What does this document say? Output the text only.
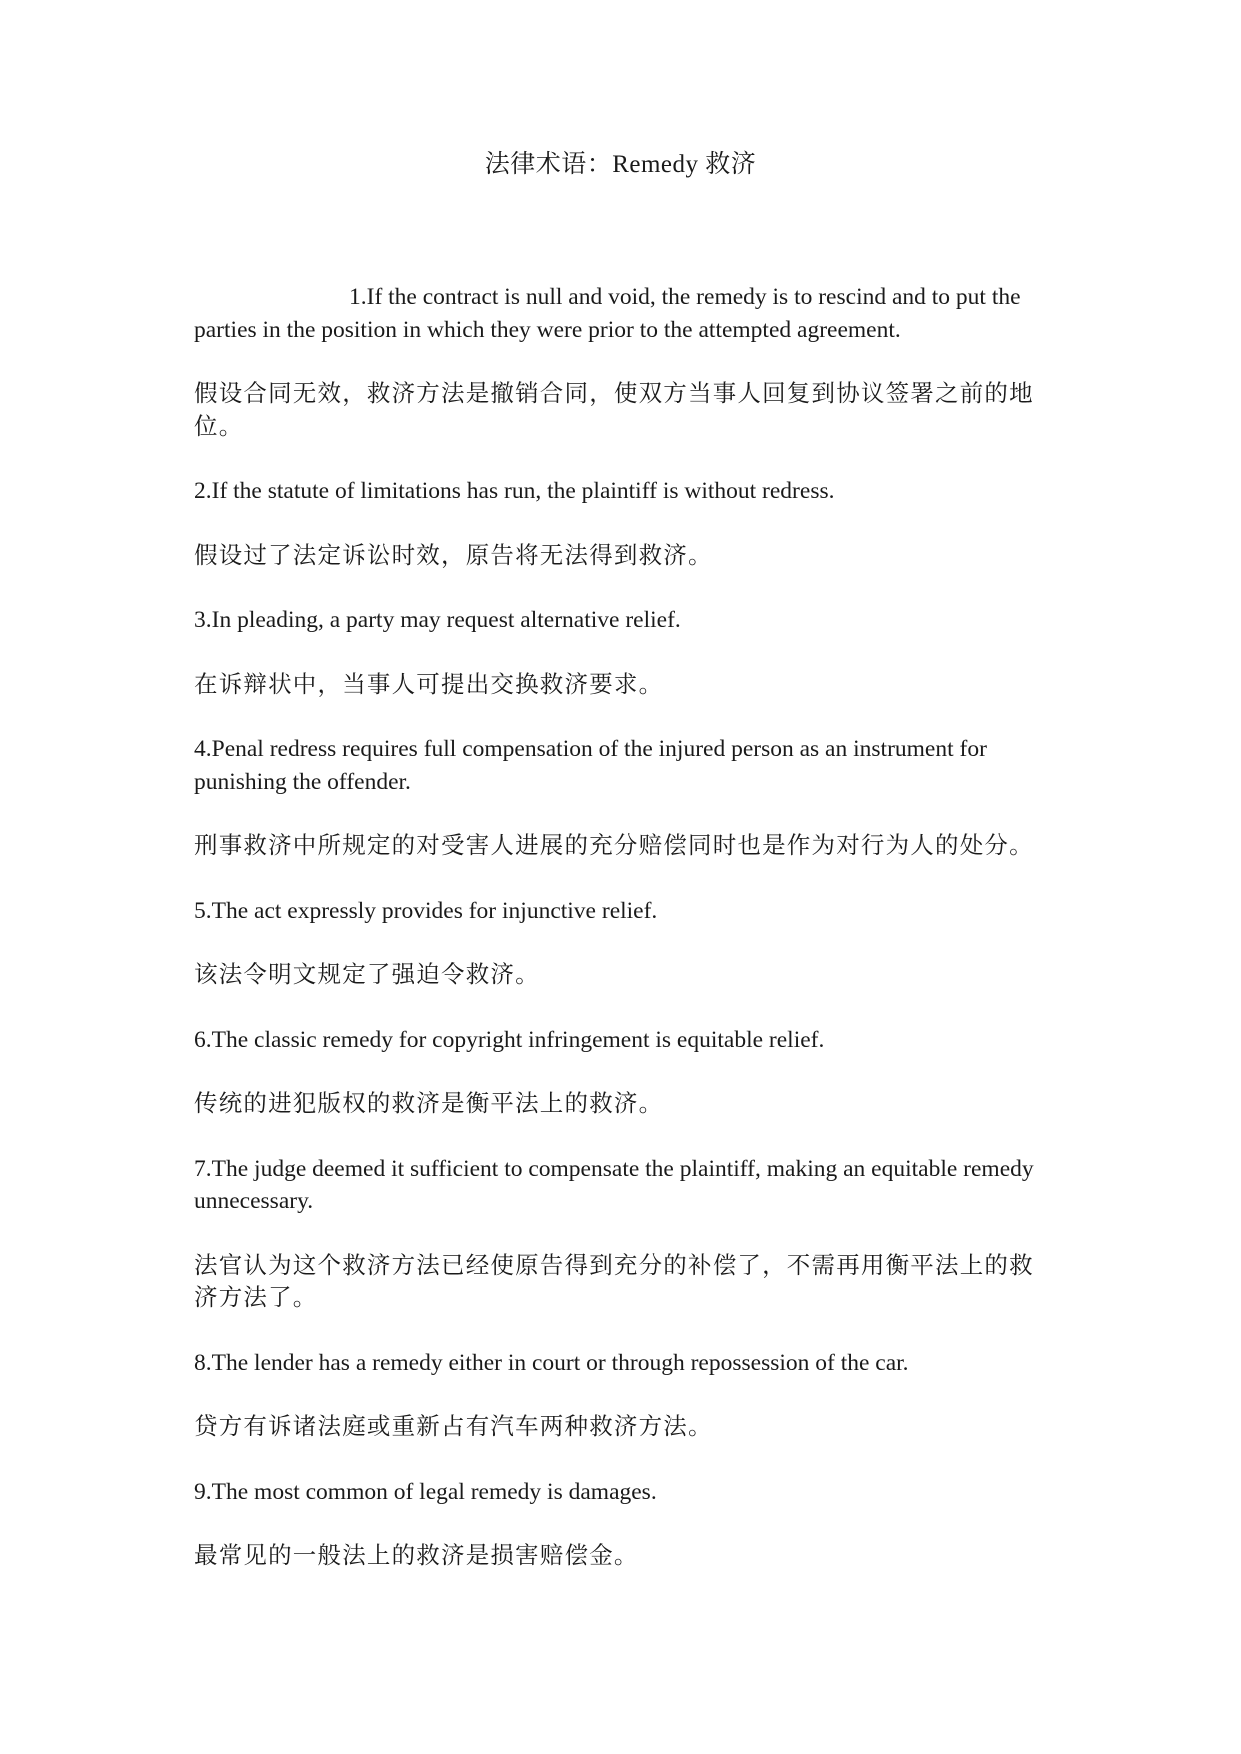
法律术语：Remedy 救济

1.If the contract is null and void, the remedy is to rescind and to put the parties in the position in which they were prior to the attempted agreement.

假设合同无效，救济方法是撤销合同，使双方当事人回复到协议签署之前的地位。

2.If the statute of limitations has run, the plaintiff is without redress.

假设过了法定诉讼时效，原告将无法得到救济。

3.In pleading, a party may request alternative relief.

在诉辩状中，当事人可提出交换救济要求。

4.Penal redress requires full compensation of the injured person as an instrument for punishing the offender.

刑事救济中所规定的对受害人进展的充分赔偿同时也是作为对行为人的处分。

5.The act expressly provides for injunctive relief.

该法令明文规定了强迫令救济。

6.The classic remedy for copyright infringement is equitable relief.

传统的进犯版权的救济是衡平法上的救济。

7.The judge deemed it sufficient to compensate the plaintiff, making an equitable remedy unnecessary.

法官认为这个救济方法已经使原告得到充分的补偿了，不需再用衡平法上的救济方法了。

8.The lender has a remedy either in court or through repossession of the car.

贷方有诉诸法庭或重新占有汽车两种救济方法。

9.The most common of legal remedy is damages.

最常见的一般法上的救济是损害赔偿金。
